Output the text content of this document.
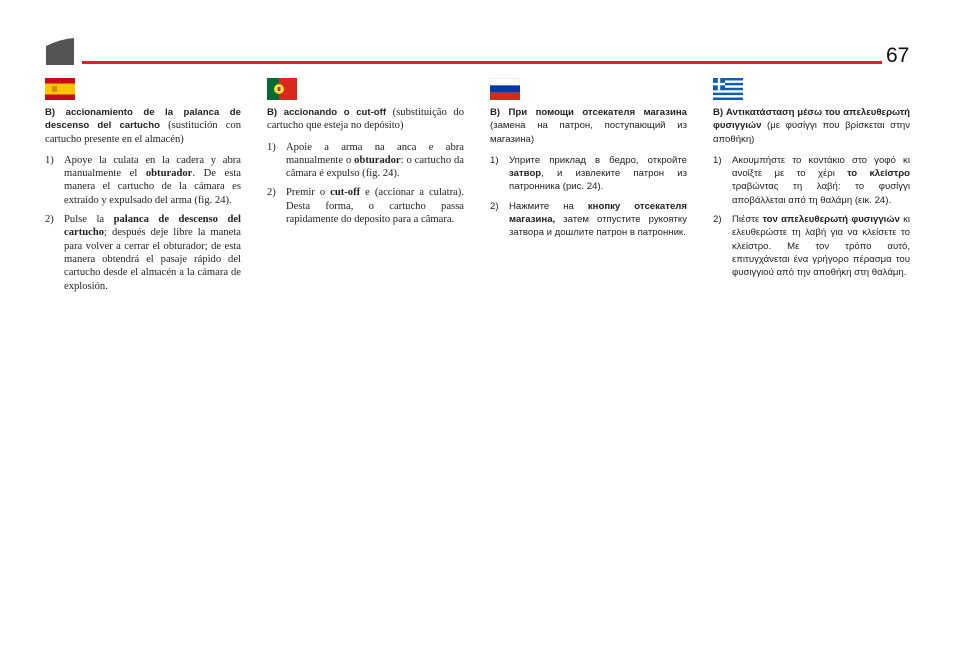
67

B) accionamiento de la palanca de descenso del cartucho (sustitución con cartucho presente en el almacén)

1) Apoye la culata en la cadera y abra manualmente el obturador. De esta manera el cartucho de la cámara es extraído y expulsado del arma (fig. 24).
2) Pulse la palanca de descenso del cartucho; después deje libre la maneta para volver a cerrar el obturador; de esta manera obtendrá el pasaje rápido del cartucho desde el almacén a la cámara de explosión.

B) accionando o cut-off (substituição do cartucho que esteja no depósito)

1) Apoie a arma na anca e abra manualmente o obturador: o cartucho da câmara é expulso (fig. 24).
2) Premir o cut-off e (accionar a culatra). Desta forma, o cartucho passa rapidamente do deposito para a câmara.

B) При помощи отсекателя магазина (замена на патрон, поступающий из магазина)

1)	Уприте приклад в бедро, откройте затвор, и извлеките патрон из патронника (рис. 24).
2)	Нажмите на кнопку отсекателя магазина, затем отпустите рукоятку затвора и дошлите патрон в патронник.

B) Αντικατάσταση μέσω του απελευθερωτή φυσιγγιών (με φυσίγγι που βρίσκεται στην αποθήκη)

1)	Ακουμπήστε το κοντάκιο στο γοφό κι ανοίξτε με το χέρι το κλείστρο τραβώντας τη λαβή: το φυσίγγι αποβάλλεται από τη θαλάμη (εικ. 24).
2)	Πιέστε τον απελευθερωτή φυσιγγιών κι ελευθερώστε τη λαβή για να κλείσετε το κλείστρο. Με τον τρόπο αυτό, επιτυγχάνεται ένα γρήγορο πέρασμα του φυσιγγιού από την αποθήκη στη θαλάμη.
